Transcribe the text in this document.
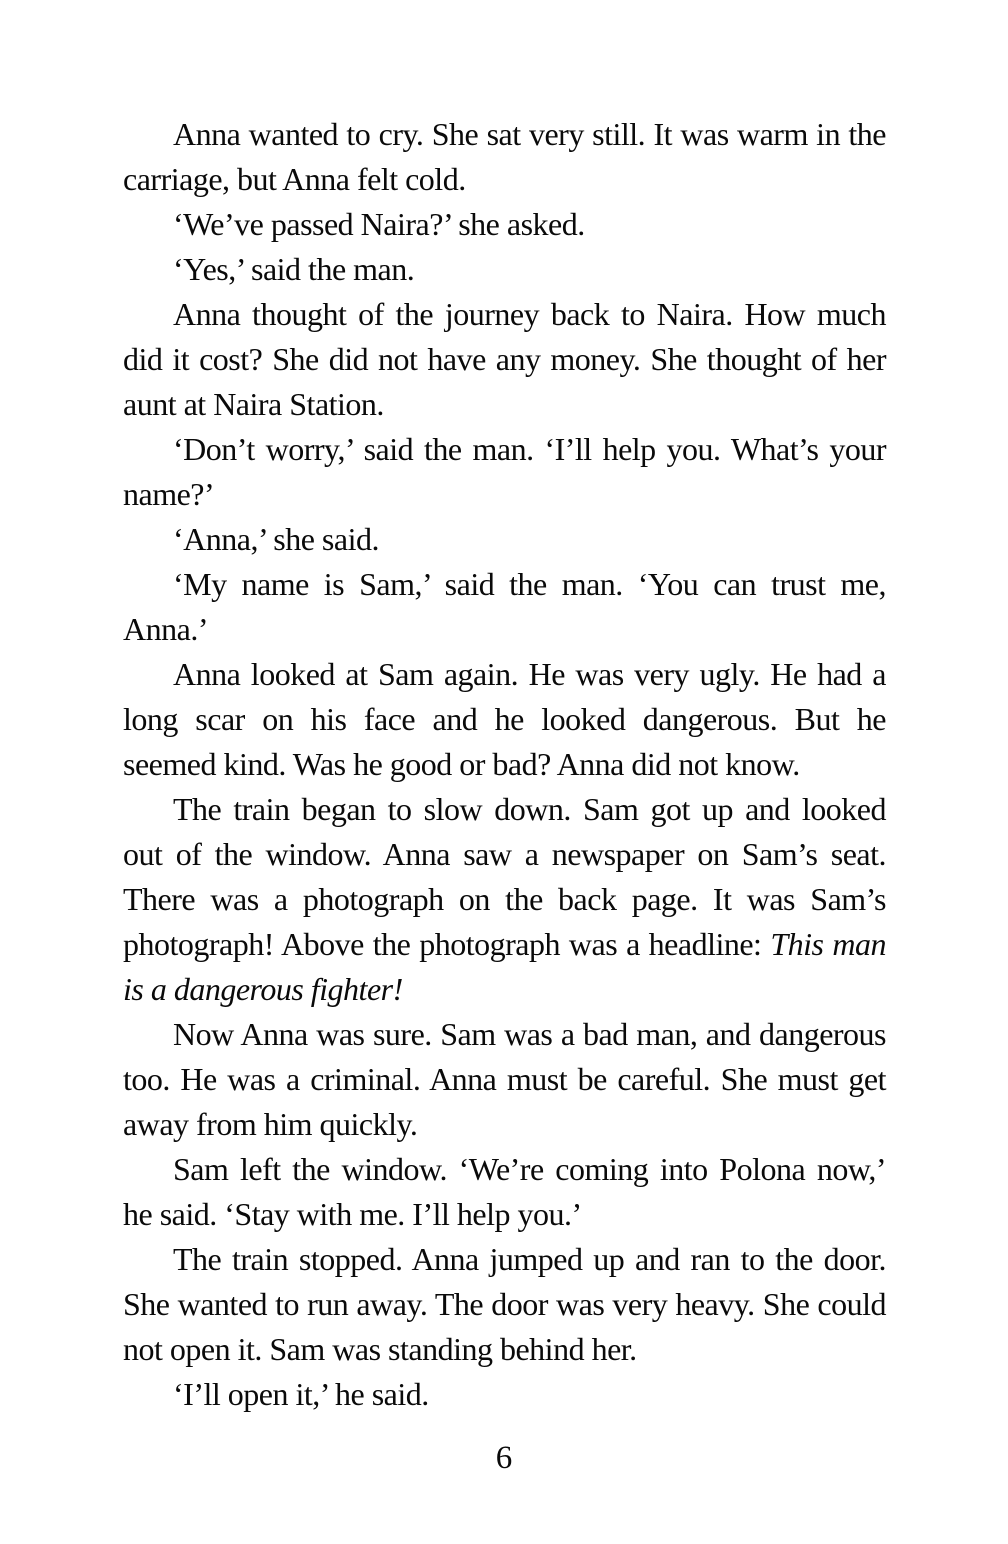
Anna wanted to cry. She sat very still. It was warm in the carriage, but Anna felt cold.

‘We’ve passed Naira?’ she asked.

‘Yes,’ said the man.

Anna thought of the journey back to Naira. How much did it cost? She did not have any money. She thought of her aunt at Naira Station.

‘Don’t worry,’ said the man. ‘I’ll help you. What’s your name?’

‘Anna,’ she said.

‘My name is Sam,’ said the man. ‘You can trust me, Anna.’

Anna looked at Sam again. He was very ugly. He had a long scar on his face and he looked dangerous. But he seemed kind. Was he good or bad? Anna did not know.

The train began to slow down. Sam got up and looked out of the window. Anna saw a newspaper on Sam’s seat. There was a photograph on the back page. It was Sam’s photograph! Above the photograph was a headline: This man is a dangerous fighter!

Now Anna was sure. Sam was a bad man, and dangerous too. He was a criminal. Anna must be careful. She must get away from him quickly.

Sam left the window. ‘We’re coming into Polona now,’ he said. ‘Stay with me. I’ll help you.’

The train stopped. Anna jumped up and ran to the door. She wanted to run away. The door was very heavy. She could not open it. Sam was standing behind her.

‘I’ll open it,’ he said.

6
